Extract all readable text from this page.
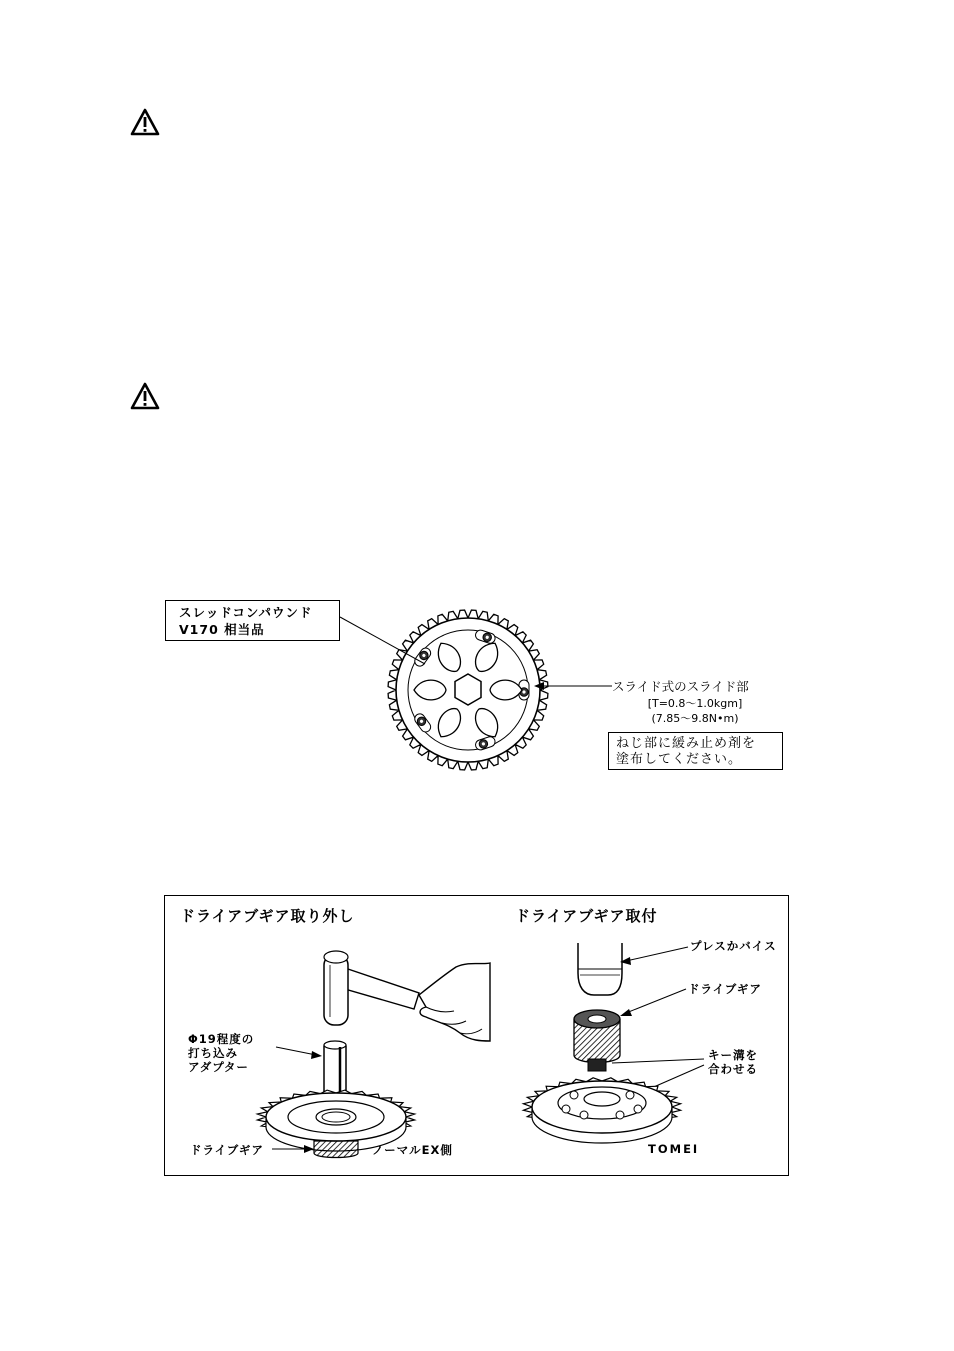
スレッドコンパウンド
V170 相当品
スライド式のスライド部
[T=0.8〜1.0kgm]
(7.85〜9.8N•m)
ねじ部に緩み止め剤を
塗布してください。
ドライアブギア取り外し	ドライアブギア取付
Φ19程度の
打ち込み
アダプター
ドライブギア	ノーマルEX側
プレスかバイス
ドライブギア
キー溝を
合わせる
TOMEI
